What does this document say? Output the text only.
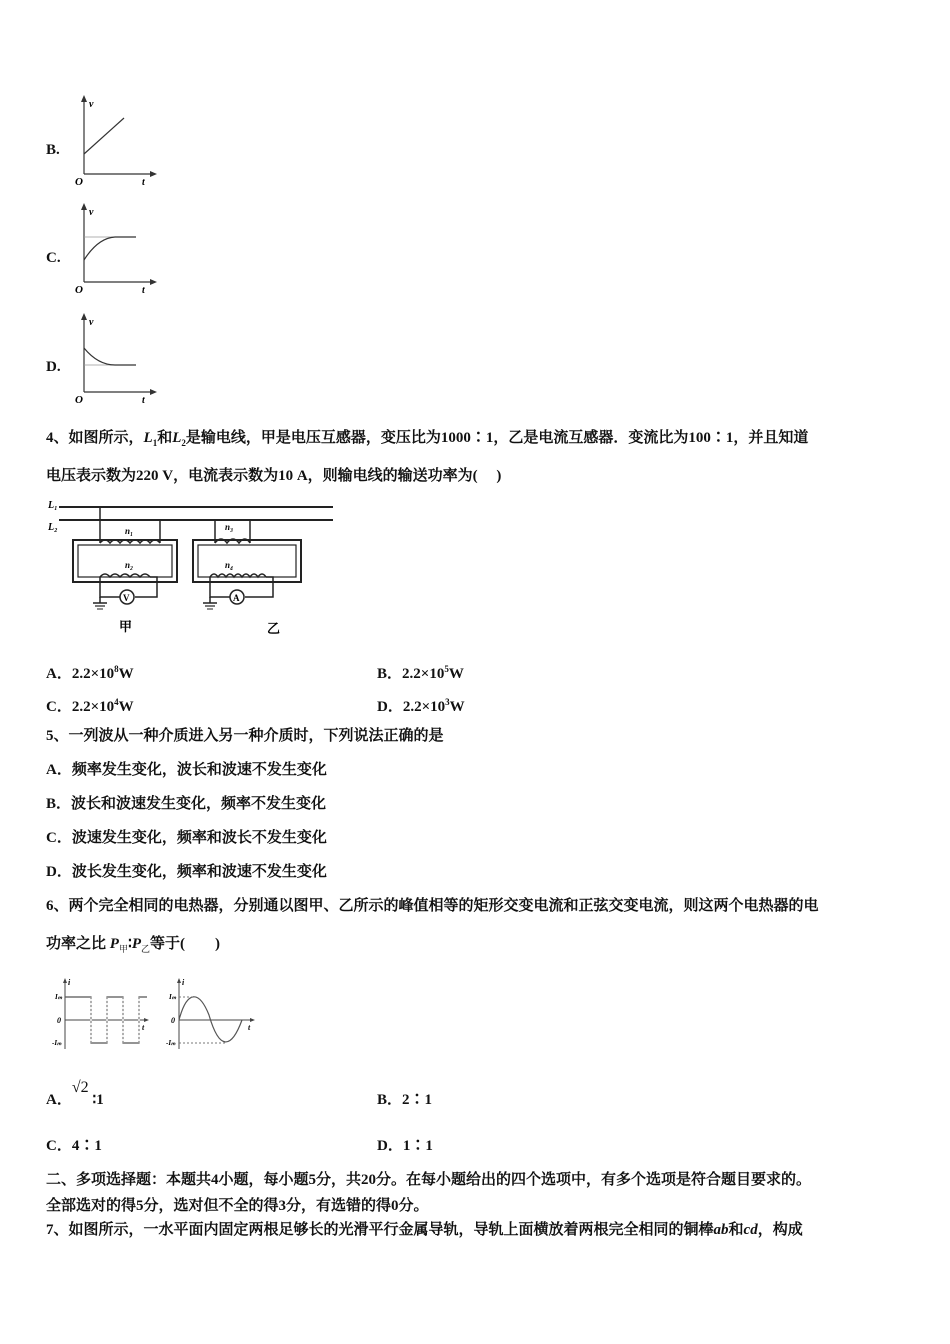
B.
v
O	t
C.
v
O	t
D.
v
O	t
4、如图所示，$L_1$和$L_2$是输电线，甲是电压互感器，变压比为1000∶1，乙是电流互感器．变流比为100∶1，并且知道
电压表示数为220 V，电流表示数为10 A，则输电线的输送功率为(　 )
L₁
L₂	n₁
n₂
V
甲
n₃
n₄
A
乙
A．$2.2\times 10^8W$	B．$2.2\times 10^5W$
C．$2.2\times 10^4W$	D．$2.2\times 10^3W$
5、一列波从一种介质进入另一种介质时，下列说法正确的是
A．频率发生变化，波长和波速不发生变化
B．波长和波速发生变化，频率不发生变化
C．波速发生变化，频率和波长不发生变化
D．波长发生变化，频率和波速不发生变化
6、两个完全相同的电热器，分别通以图甲、乙所示的峰值相等的矩形交变电流和正弦交变电流，则这两个电热器的电
功率之比 $P_甲∶P_乙$等于(　　)
i
Iₘ
0
-Iₘ
t
i
Iₘ
0
-Iₘ
t
A．√2 ∶1	B．2∶1
C．4∶1	D．1∶1
二、多项选择题：本题共4小题，每小题5分，共20分。在每小题给出的四个选项中，有多个选项是符合题目要求的。
全部选对的得5分，选对但不全的得3分，有选错的得0分。
7、如图所示，一水平面内固定两根足够长的光滑平行金属导轨，导轨上面横放着两根完全相同的铜棒ab和cd，构成
